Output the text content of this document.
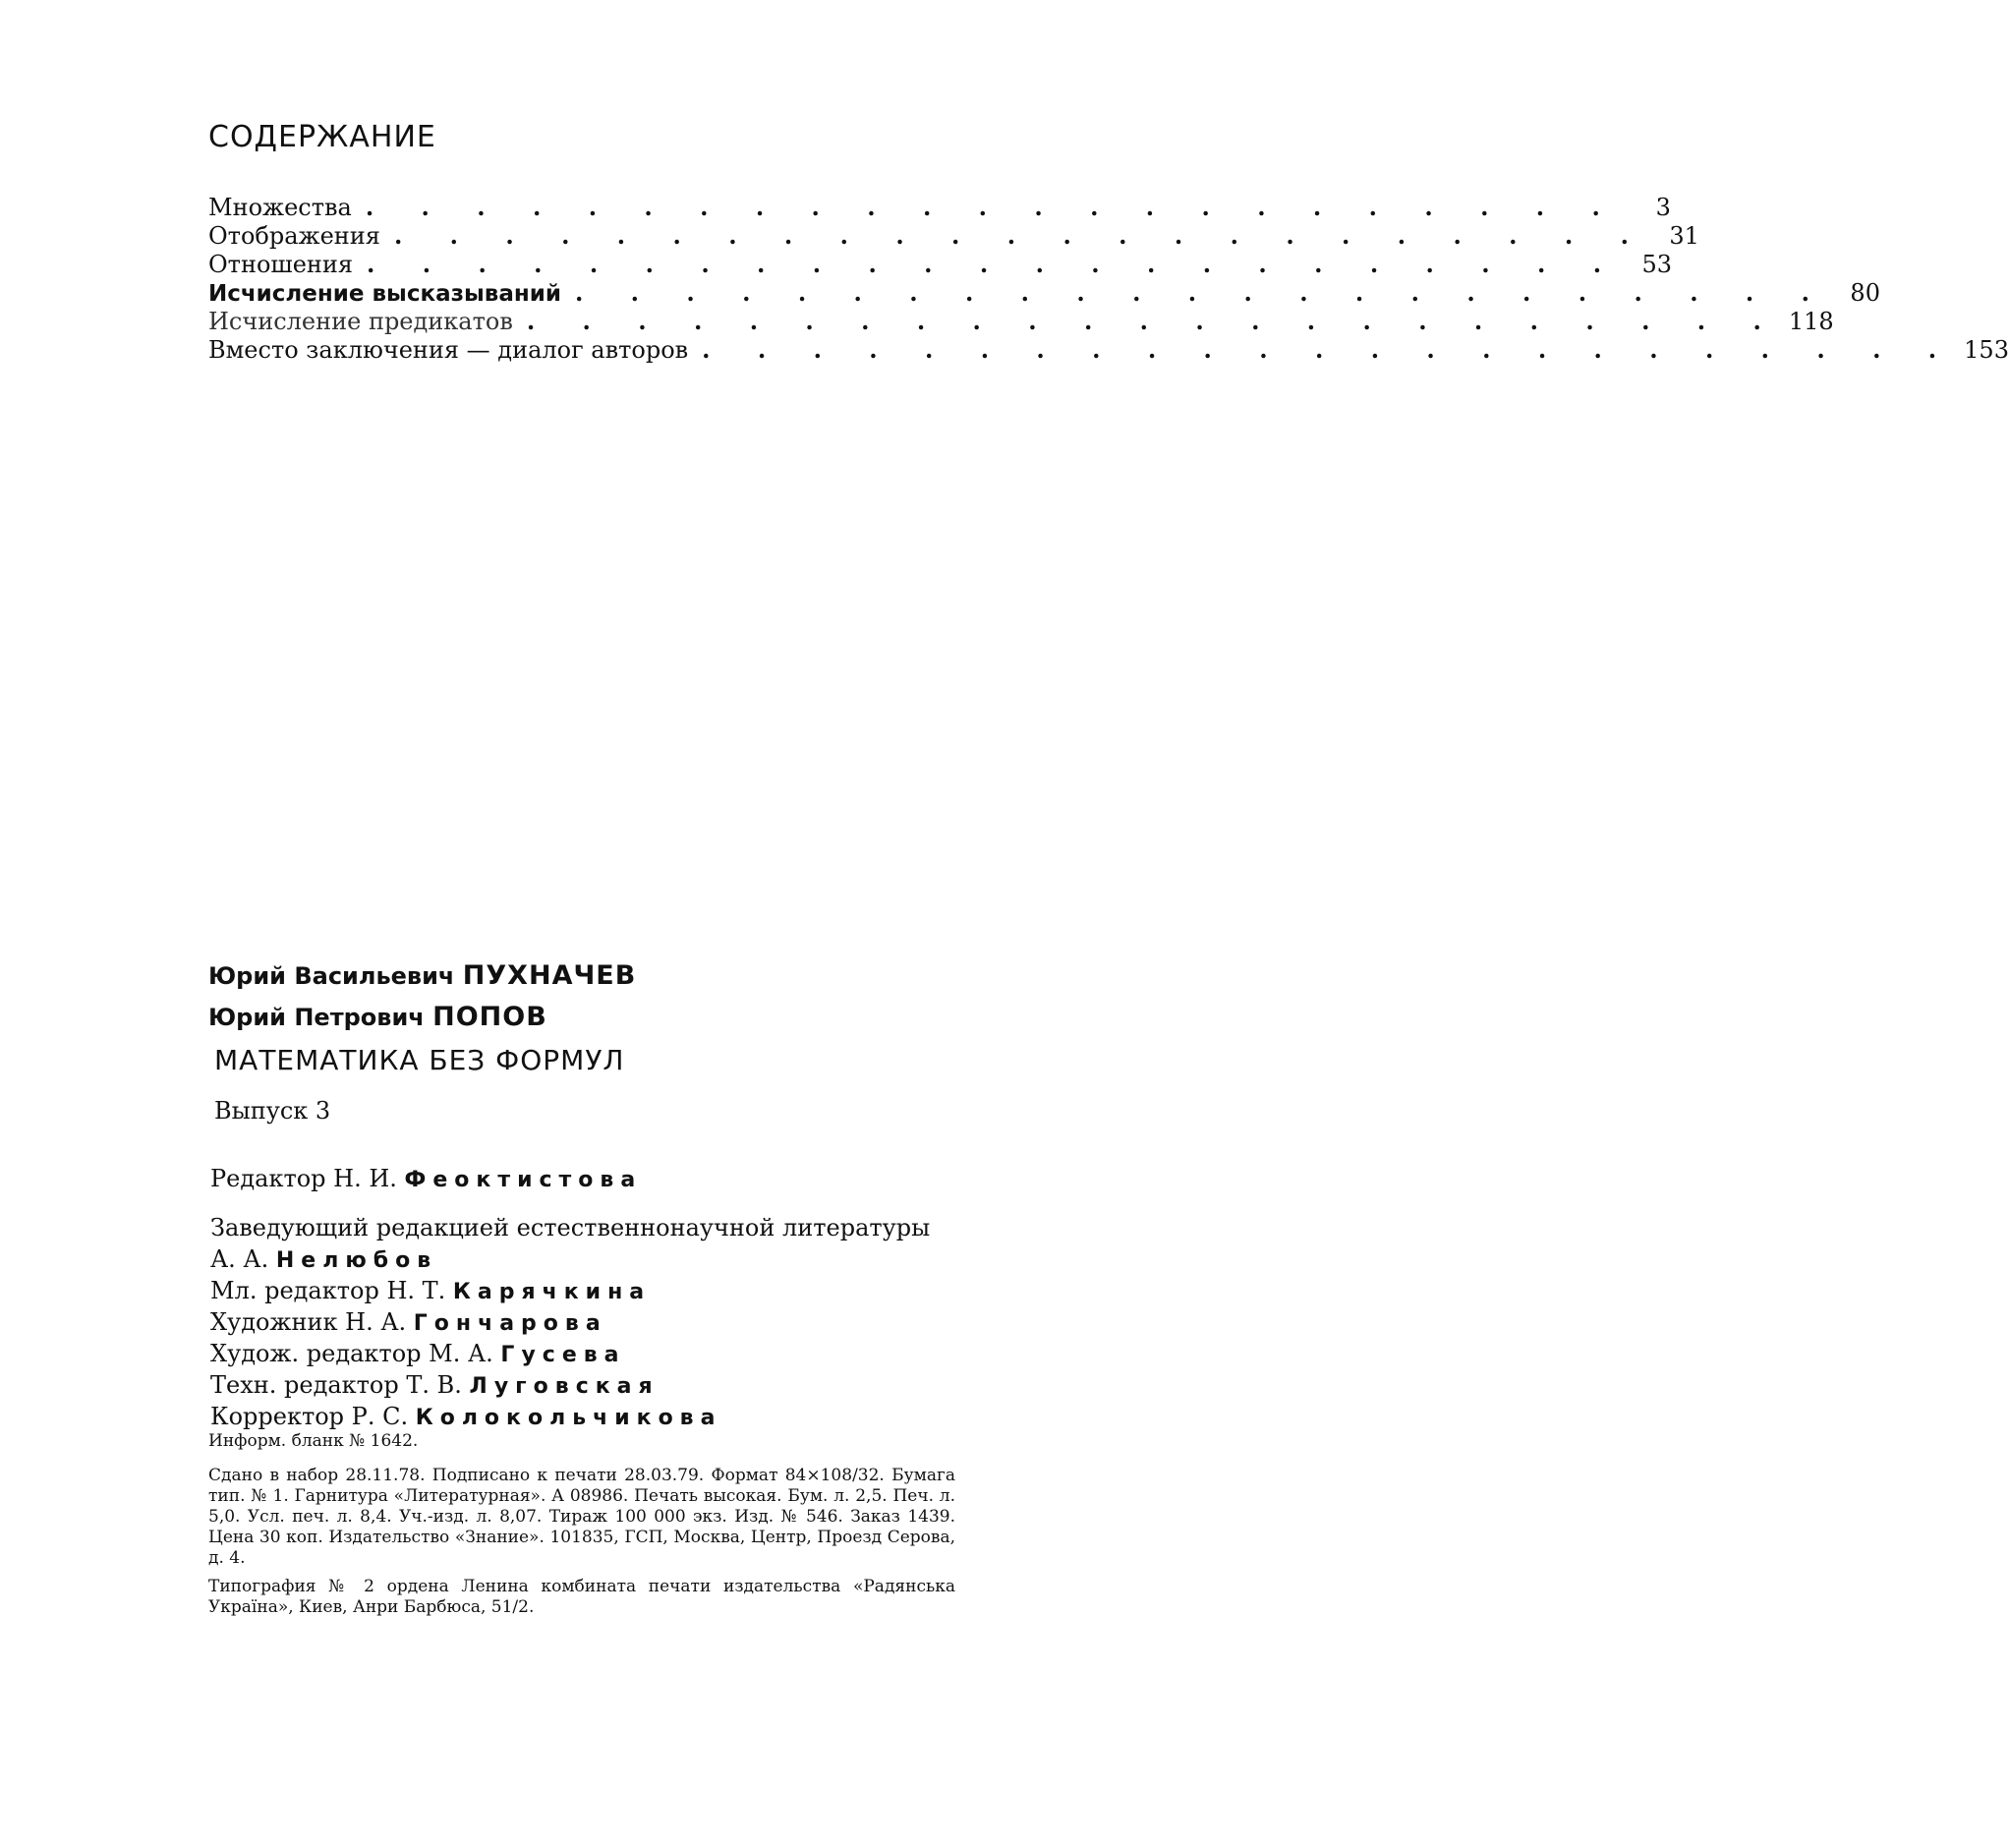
СОДЕРЖАНИЕ
Множества . . . . . . . . . . . . . . . . . . . . . . .	3
Отображения . . . . . . . . . . . . . . . . . . . . . . . 31
Отношения . . . . . . . . . . . . . . . . . . . . . . . 53
Исчисление высказываний . . . . . . . . . . . . . . . . . . . . . . . 80
Исчисление предикатов . . . . . . . . . . . . . . . . . . . . . . . 118
Вместо заключения — диалог авторов . . . . . . . . . . . . . . . . . . . . . . . 153
Юрий Васильевич ПУХНАЧЕВ
Юрий Петрович ПОПОВ
МАТЕМАТИКА БЕЗ ФОРМУЛ
Выпуск 3
Редактор Н. И. Феоктистова
Заведующий редакцией естественнонаучной литературы
А. А. Нелюбов
Мл. редактор Н. Т. Карячкина
Художник Н. А. Гончарова
Худож. редактор М. А. Гусева
Техн. редактор Т. В. Луговская
Корректор Р. С. Колокольчикова

Информ. бланк № 1642.

Сдано в набор 28.11.78. Подписано к печати 28.03.79. Формат 84×108/32. Бумага тип. № 1. Гарнитура «Литературная». А 08986. Печать высокая. Бум. л. 2,5. Печ. л. 5,0. Усл. печ. л. 8,4. Уч.-изд. л. 8,07. Тираж 100 000 экз. Изд. № 546. Заказ 1439. Цена 30 коп. Издательство «Знание». 101835, ГСП, Москва, Центр, Проезд Серова, д. 4.

Типография № 2 ордена Ленина комбината печати издательства «Радянська Україна», Киев, Анри Барбюса, 51/2.
